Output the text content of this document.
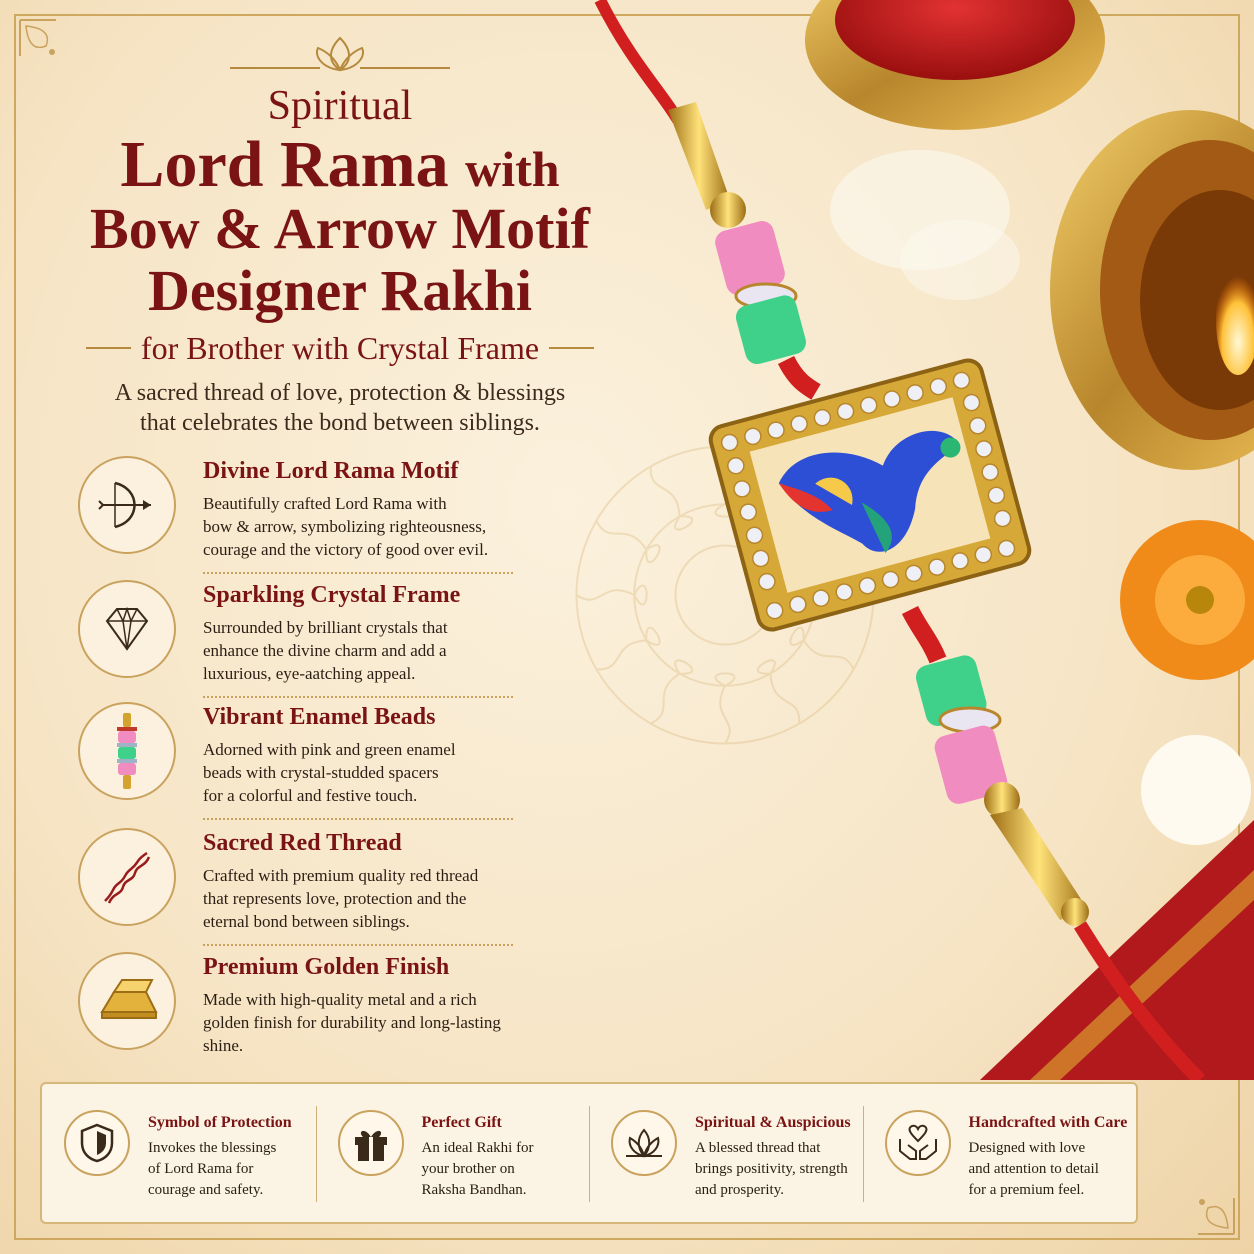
Spiritual
Lord Rama with
Bow & Arrow Motif
Designer Rakhi
for Brother with Crystal Frame
A sacred thread of love, protection & blessings
that celebrates the bond between siblings.
Divine Lord Rama Motif
Beautifully crafted Lord Rama with
bow & arrow, symbolizing righteousness,
courage and the victory of good over evil.
Sparkling Crystal Frame
Surrounded by brilliant crystals that
enhance the divine charm and add a
luxurious, eye-aatching appeal.
Vibrant Enamel Beads
Adorned with pink and green enamel
beads with crystal-studded spacers
for a colorful and festive touch.
Sacred Red Thread
Crafted with premium quality red thread
that represents love, protection and the
eternal bond between siblings.
Premium Golden Finish
Made with high-quality metal and a rich
golden finish for durability and long-lasting
shine.
Symbol of Protection
Invokes the blessings
of Lord Rama for
courage and safety.
Perfect Gift
An ideal Rakhi for
your brother on
Raksha Bandhan.
Spiritual & Auspicious
A blessed thread that
brings positivity, strength
and prosperity.
Handcrafted with Care
Designed with love
and attention to detail
for a premium feel.
